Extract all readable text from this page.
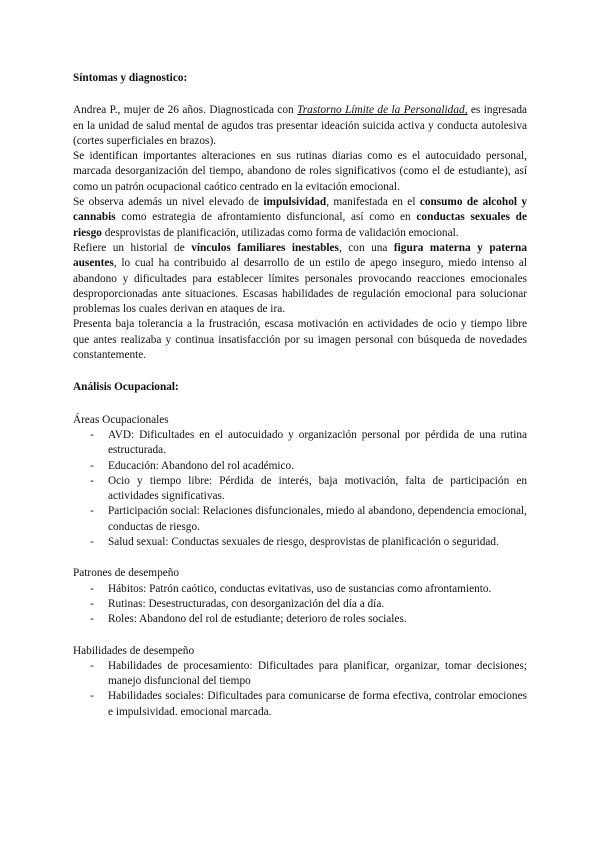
Síntomas y diagnostico:

Andrea P., mujer de 26 años. Diagnosticada con Trastorno Límite de la Personalidad, es ingresada en la unidad de salud mental de agudos tras presentar ideación suicida activa y conducta autolesiva (cortes superficiales en brazos).

Se identifican importantes alteraciones en sus rutinas diarias como es el autocuidado personal, marcada desorganización del tiempo, abandono de roles significativos (como el de estudiante), así como un patrón ocupacional caótico centrado en la evitación emocional.

Se observa además un nivel elevado de impulsividad, manifestada en el consumo de alcohol y cannabis como estrategia de afrontamiento disfuncional, así como en conductas sexuales de riesgo desprovistas de planificación, utilizadas como forma de validación emocional.

Refiere un historial de vínculos familiares inestables, con una figura materna y paterna ausentes, lo cual ha contribuido al desarrollo de un estilo de apego inseguro, miedo intenso al abandono y dificultades para establecer límites personales provocando reacciones emocionales desproporcionadas ante situaciones. Escasas habilidades de regulación emocional para solucionar problemas los cuales derivan en ataques de ira.

Presenta baja tolerancia a la frustración, escasa motivación en actividades de ocio y tiempo libre que antes realizaba y continua insatisfacción por su imagen personal con búsqueda de novedades constantemente.

Análisis Ocupacional:

Áreas Ocupacionales

- AVD: Dificultades en el autocuidado y organización personal por pérdida de una rutina estructurada.
- Educación: Abandono del rol académico.
- Ocio y tiempo libre: Pérdida de interés, baja motivación, falta de participación en actividades significativas.
- Participación social: Relaciones disfuncionales, miedo al abandono, dependencia emocional, conductas de riesgo.
- Salud sexual: Conductas sexuales de riesgo, desprovistas de planificación o seguridad.

Patrones de desempeño

- Hábitos: Patrón caótico, conductas evitativas, uso de sustancias como afrontamiento.
- Rutinas: Desestructuradas, con desorganización del día a día.
- Roles: Abandono del rol de estudiante; deterioro de roles sociales.

Habilidades de desempeño

- Habilidades de procesamiento: Dificultades para planificar, organizar, tomar decisiones; manejo disfuncional del tiempo
- Habilidades sociales: Dificultades para comunicarse de forma efectiva, controlar emociones e impulsividad. emocional marcada.
